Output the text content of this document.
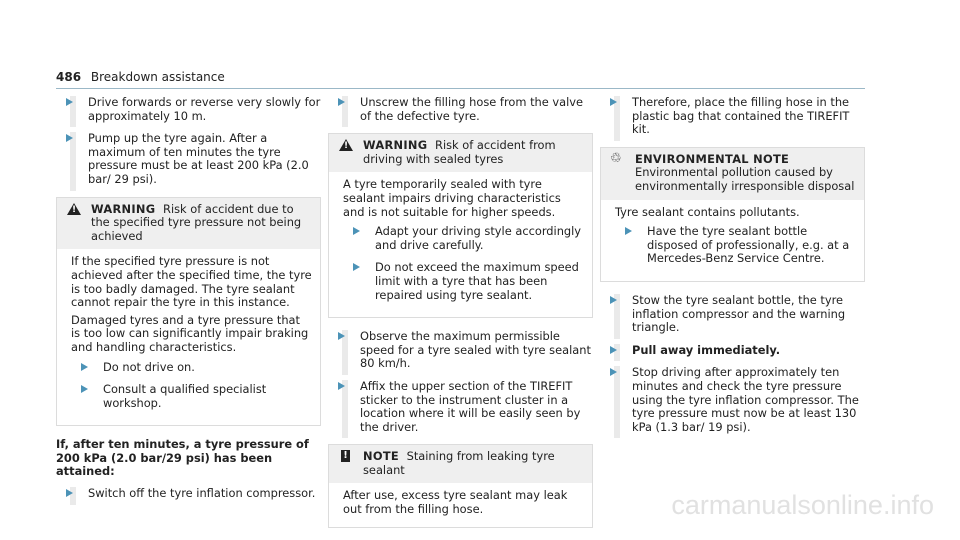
486 Breakdown assistance
Drive forwards or reverse very slowly for approximately 10 m.
Pump up the tyre again. After a maximum of ten minutes the tyre pressure must be at least 200 kPa (2.0 bar/ 29 psi).
!
WARNING Risk of accident due to the specified tyre pressure not being achieved

If the specified tyre pressure is not achieved after the specified time, the tyre is too badly damaged. The tyre sealant cannot repair the tyre in this instance.

Damaged tyres and a tyre pressure that is too low can significantly impair braking and handling characteristics.

Do not drive on.
Consult a qualified specialist workshop.
If, after ten minutes, a tyre pressure of 200 kPa (2.0 bar/29 psi) has been attained:
Switch off the tyre inflation compressor.
Unscrew the filling hose from the valve of the defective tyre.
!
WARNING Risk of accident from driving with sealed tyres

A tyre temporarily sealed with tyre sealant impairs driving characteristics and is not suitable for higher speeds.

Adapt your driving style accordingly and drive carefully.
Do not exceed the maximum speed limit with a tyre that has been repaired using tyre sealant.
Observe the maximum permissible speed for a tyre sealed with tyre sealant 80 km/h.
Affix the upper section of the TIREFIT sticker to the instrument cluster in a location where it will be easily seen by the driver.
! NOTE Staining from leaking tyre sealant

After use, excess tyre sealant may leak out from the filling hose.

Therefore, place the filling hose in the plastic bag that contained the TIREFIT kit.
♲ ENVIRONMENTAL NOTE Environmental pollution caused by environmentally irresponsible disposal

Tyre sealant contains pollutants.

Have the tyre sealant bottle disposed of professionally, e.g. at a Mercedes-Benz Service Centre.
Stow the tyre sealant bottle, the tyre inflation compressor and the warning triangle.
Pull away immediately.
Stop driving after approximately ten minutes and check the tyre pressure using the tyre inflation compressor. The tyre pressure must now be at least 130 kPa (1.3 bar/ 19 psi).
carmanualsonline.info
